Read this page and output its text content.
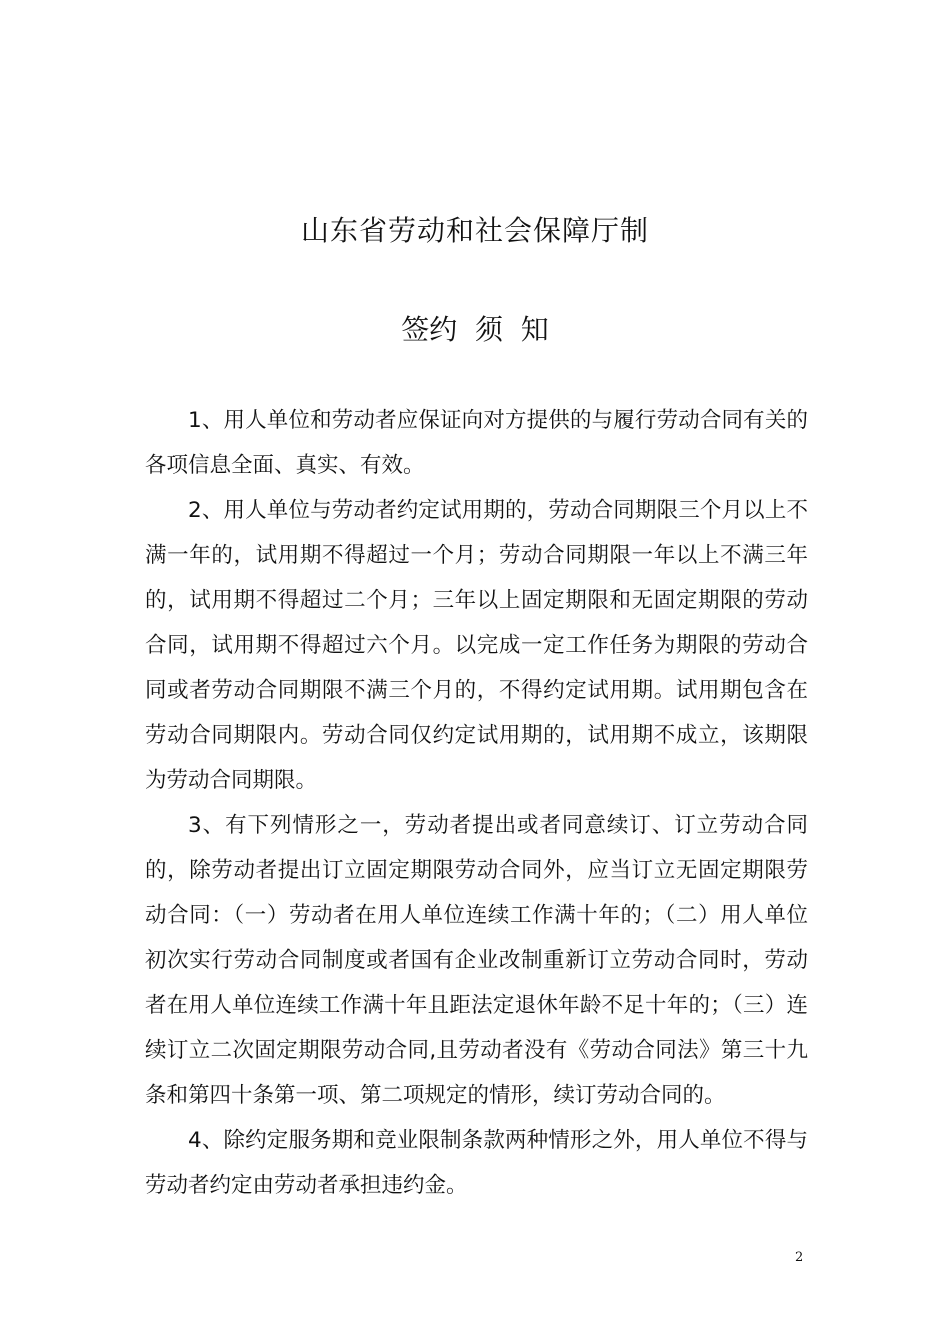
山东省劳动和社会保障厅制
签约  须  知

1、用人单位和劳动者应保证向对方提供的与履行劳动合同有关的各项信息全面、真实、有效。

2、用人单位与劳动者约定试用期的，劳动合同期限三个月以上不满一年的，试用期不得超过一个月；劳动合同期限一年以上不满三年的，试用期不得超过二个月；三年以上固定期限和无固定期限的劳动合同，试用期不得超过六个月。以完成一定工作任务为期限的劳动合同或者劳动合同期限不满三个月的，不得约定试用期。试用期包含在劳动合同期限内。劳动合同仅约定试用期的，试用期不成立，该期限为劳动合同期限。

3、有下列情形之一，劳动者提出或者同意续订、订立劳动合同的，除劳动者提出订立固定期限劳动合同外，应当订立无固定期限劳动合同：（一）劳动者在用人单位连续工作满十年的；（二）用人单位初次实行劳动合同制度或者国有企业改制重新订立劳动合同时，劳动者在用人单位连续工作满十年且距法定退休年龄不足十年的；（三）连续订立二次固定期限劳动合同,且劳动者没有《劳动合同法》第三十九条和第四十条第一项、第二项规定的情形，续订劳动合同的。

4、除约定服务期和竞业限制条款两种情形之外，用人单位不得与劳动者约定由劳动者承担违约金。

2
